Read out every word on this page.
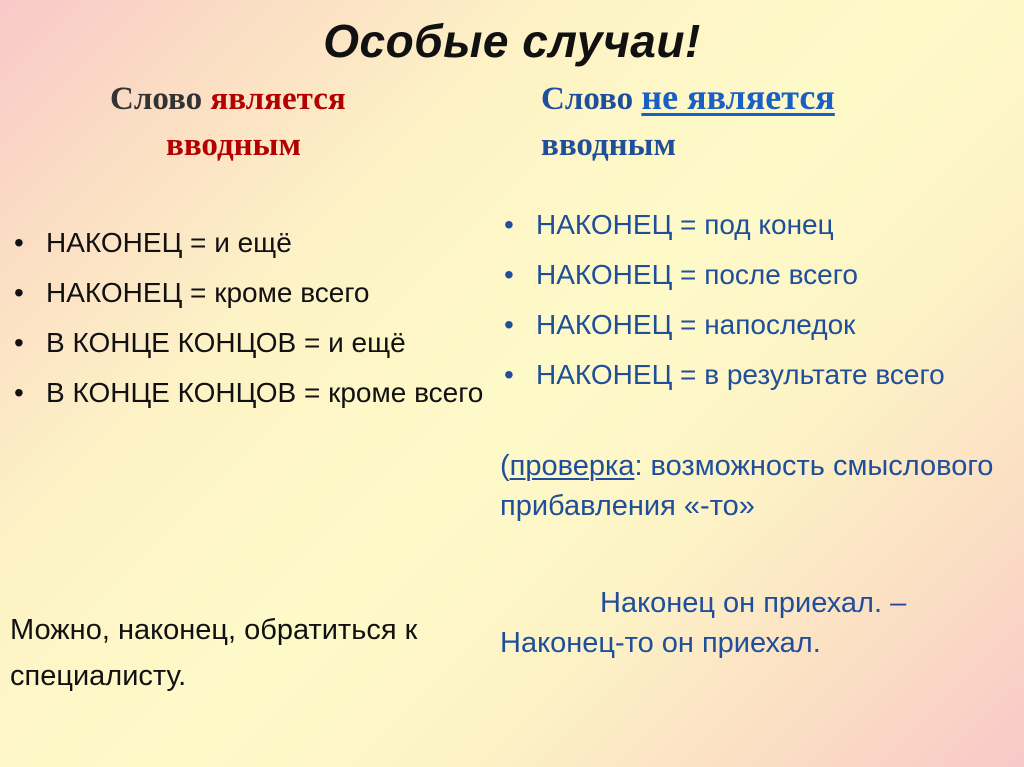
Особые случаи!
Слово является
вводным
Слово не является
вводным
• НАКОНЕЦ = и ещё
• НАКОНЕЦ = кроме всего
• В КОНЦЕ КОНЦОВ = и ещё
• В КОНЦЕ КОНЦОВ = кроме всего
• НАКОНЕЦ = под конец
• НАКОНЕЦ = после всего
• НАКОНЕЦ = напоследок
• НАКОНЕЦ = в результате всего
(проверка: возможность смыслового прибавления «-то»
Можно, наконец, обратиться к специалисту.
Наконец он приехал. –
Наконец-то он приехал.
